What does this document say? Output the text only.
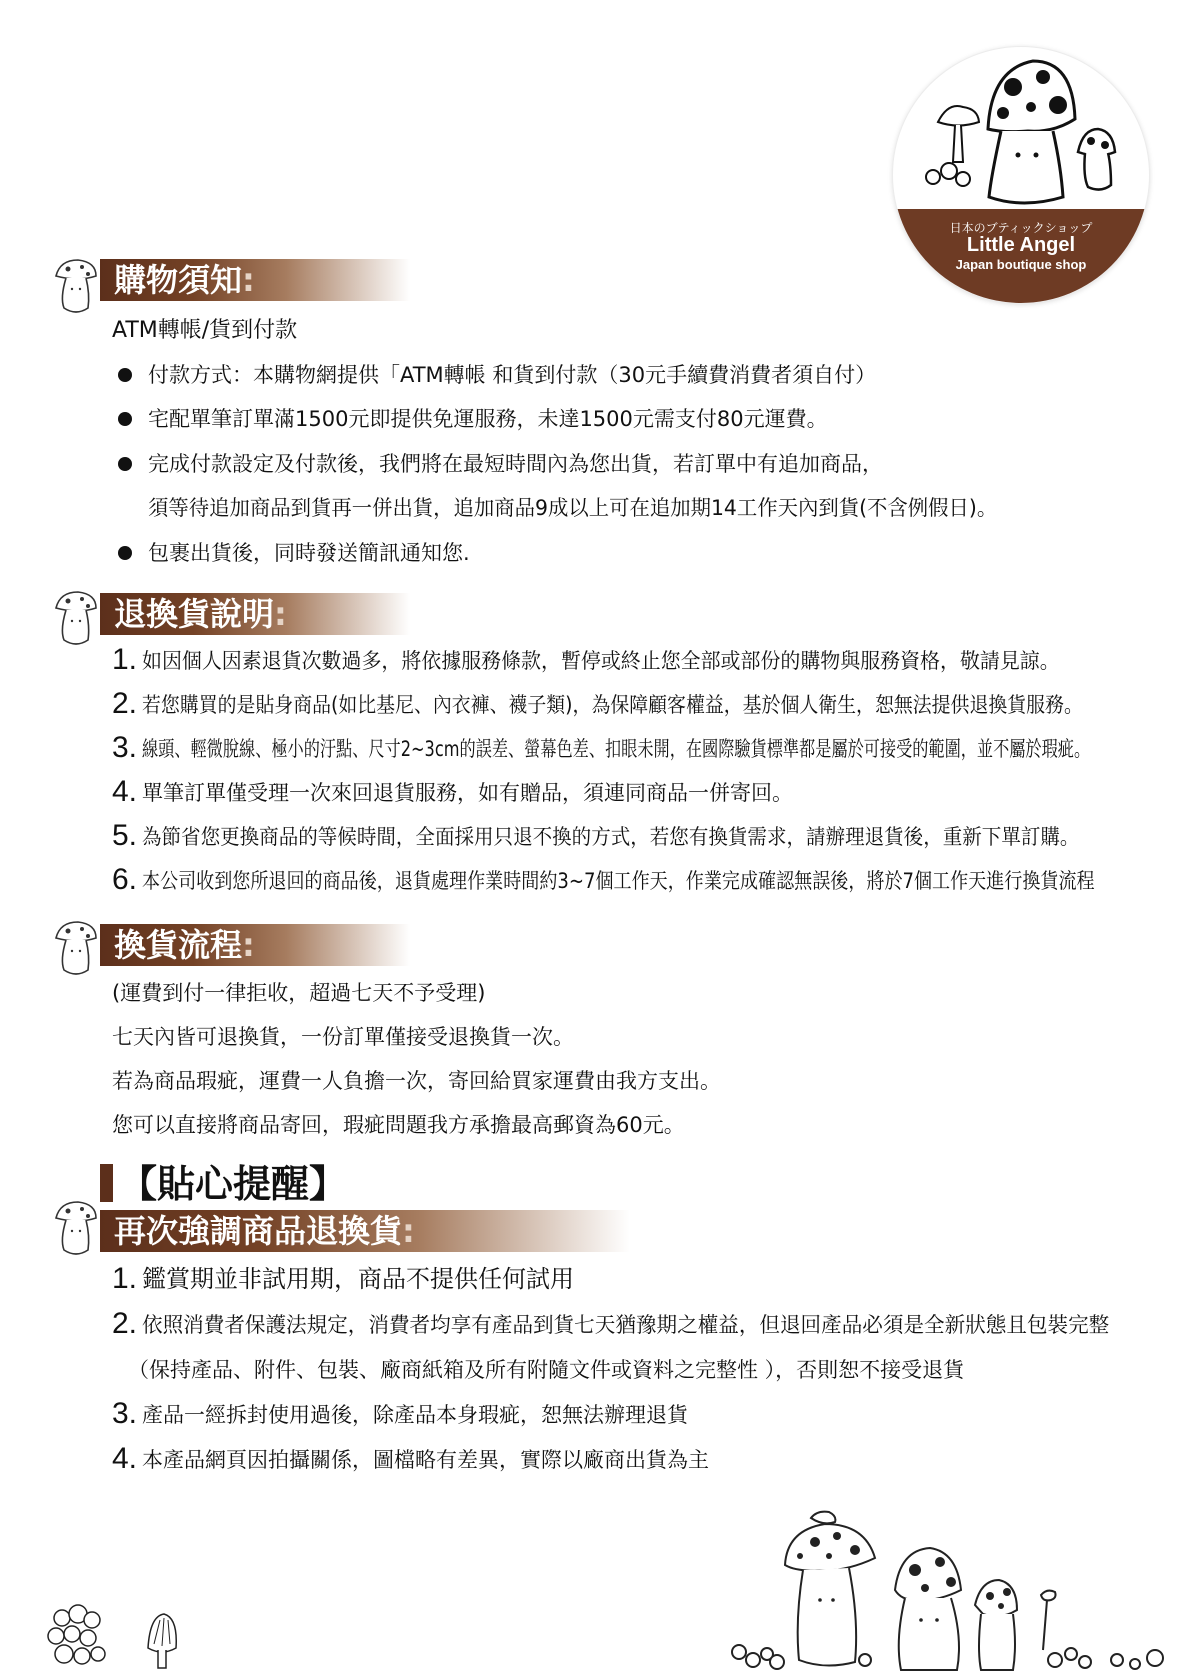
日本のブティックショップ
Little Angel
Japan boutique shop
購物須知:
ATM轉帳/貨到付款
付款方式：本購物網提供「ATM轉帳 和貨到付款（30元手續費消費者須自付）
宅配單筆訂單滿1500元即提供免運服務，未達1500元需支付80元運費。
完成付款設定及付款後，我們將在最短時間內為您出貨，若訂單中有追加商品，
須等待追加商品到貨再一併出貨，追加商品9成以上可在追加期14工作天內到貨(不含例假日)。
包裹出貨後，同時發送簡訊通知您.
退換貨說明:
1. 如因個人因素退貨次數過多，將依據服務條款，暫停或終止您全部或部份的購物與服務資格，敬請見諒。
2. 若您購買的是貼身商品(如比基尼、內衣褲、襪子類)，為保障顧客權益，基於個人衛生，恕無法提供退換貨服務。
3. 線頭、輕微脫線、極小的汙點、尺寸2~3cm的誤差、螢幕色差、扣眼未開，在國際驗貨標準都是屬於可接受的範圍，並不屬於瑕疵。
4. 單筆訂單僅受理一次來回退貨服務，如有贈品，須連同商品一併寄回。
5. 為節省您更換商品的等候時間，全面採用只退不換的方式，若您有換貨需求，請辦理退貨後，重新下單訂購。
6. 本公司收到您所退回的商品後，退貨處理作業時間約3~7個工作天，作業完成確認無誤後，將於7個工作天進行換貨流程
換貨流程:
(運費到付一律拒收，超過七天不予受理)
七天內皆可退換貨，一份訂單僅接受退換貨一次。
若為商品瑕疵，運費一人負擔一次，寄回給買家運費由我方支出。
您可以直接將商品寄回，瑕疵問題我方承擔最高郵資為60元。
【貼心提醒】
再次強調商品退換貨:
1. 鑑賞期並非試用期，商品不提供任何試用
2. 依照消費者保護法規定，消費者均享有產品到貨七天猶豫期之權益，但退回產品必須是全新狀態且包裝完整
（保持產品、附件、包裝、廠商紙箱及所有附隨文件或資料之完整性 ），否則恕不接受退貨
3. 產品一經拆封使用過後，除產品本身瑕疵，恕無法辦理退貨
4. 本產品網頁因拍攝關係，圖檔略有差異，實際以廠商出貨為主
